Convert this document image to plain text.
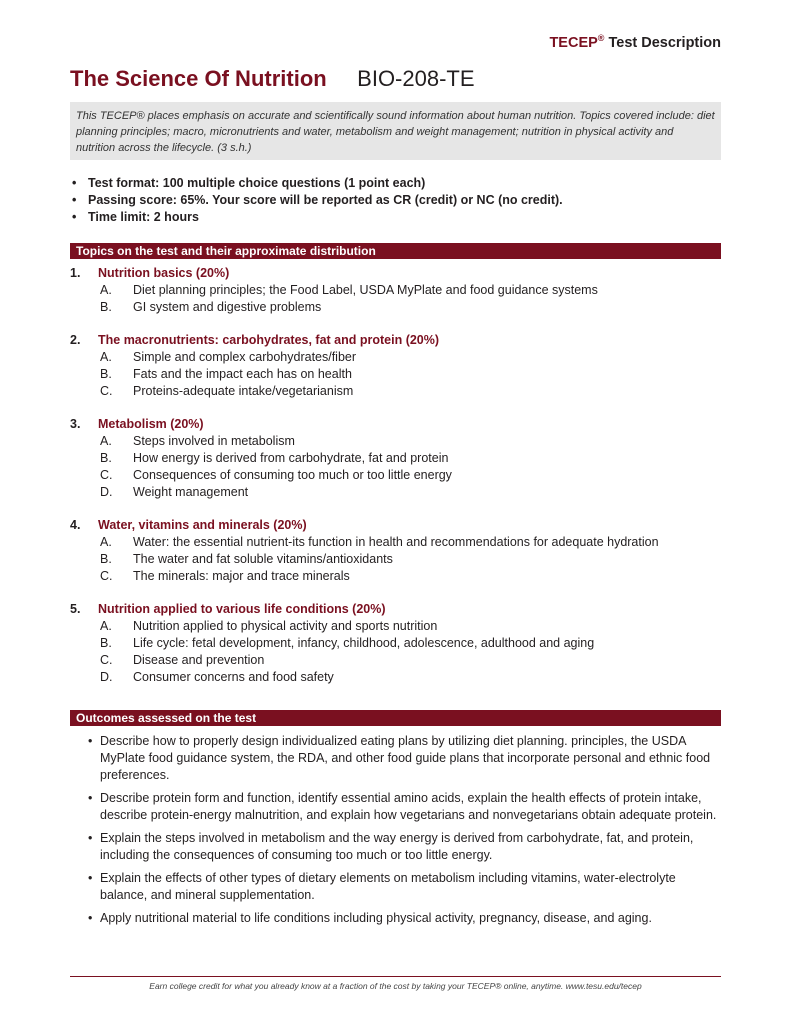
TECEP® Test Description
The Science Of Nutrition BIO-208-TE
This TECEP® places emphasis on accurate and scientifically sound information about human nutrition. Topics covered include: diet planning principles; macro, micronutrients and water, metabolism and weight management; nutrition in physical activity and nutrition across the lifecycle. (3 s.h.)
• Test format: 100 multiple choice questions (1 point each)
• Passing score: 65%. Your score will be reported as CR (credit) or NC (no credit).
• Time limit: 2 hours
Topics on the test and their approximate distribution
1. Nutrition basics (20%)
A. Diet planning principles; the Food Label, USDA MyPlate and food guidance systems
B. GI system and digestive problems
2. The macronutrients: carbohydrates, fat and protein (20%)
A. Simple and complex carbohydrates/fiber
B. Fats and the impact each has on health
C. Proteins-adequate intake/vegetarianism
3. Metabolism (20%)
A. Steps involved in metabolism
B. How energy is derived from carbohydrate, fat and protein
C. Consequences of consuming too much or too little energy
D. Weight management
4. Water, vitamins and minerals (20%)
A. Water: the essential nutrient-its function in health and recommendations for adequate hydration
B. The water and fat soluble vitamins/antioxidants
C. The minerals: major and trace minerals
5. Nutrition applied to various life conditions (20%)
A. Nutrition applied to physical activity and sports nutrition
B. Life cycle: fetal development, infancy, childhood, adolescence, adulthood and aging
C. Disease and prevention
D. Consumer concerns and food safety
Outcomes assessed on the test
• Describe how to properly design individualized eating plans by utilizing diet planning. principles, the USDA MyPlate food guidance system, the RDA, and other food guide plans that incorporate personal and ethnic food preferences.
• Describe protein form and function, identify essential amino acids, explain the health effects of protein intake, describe protein-energy malnutrition, and explain how vegetarians and nonvegetarians obtain adequate protein.
• Explain the steps involved in metabolism and the way energy is derived from carbohydrate, fat, and protein, including the consequences of consuming too much or too little energy.
• Explain the effects of other types of dietary elements on metabolism including vitamins, water-electrolyte balance, and mineral supplementation.
• Apply nutritional material to life conditions including physical activity, pregnancy, disease, and aging.
Earn college credit for what you already know at a fraction of the cost by taking your TECEP® online, anytime. www.tesu.edu/tecep
